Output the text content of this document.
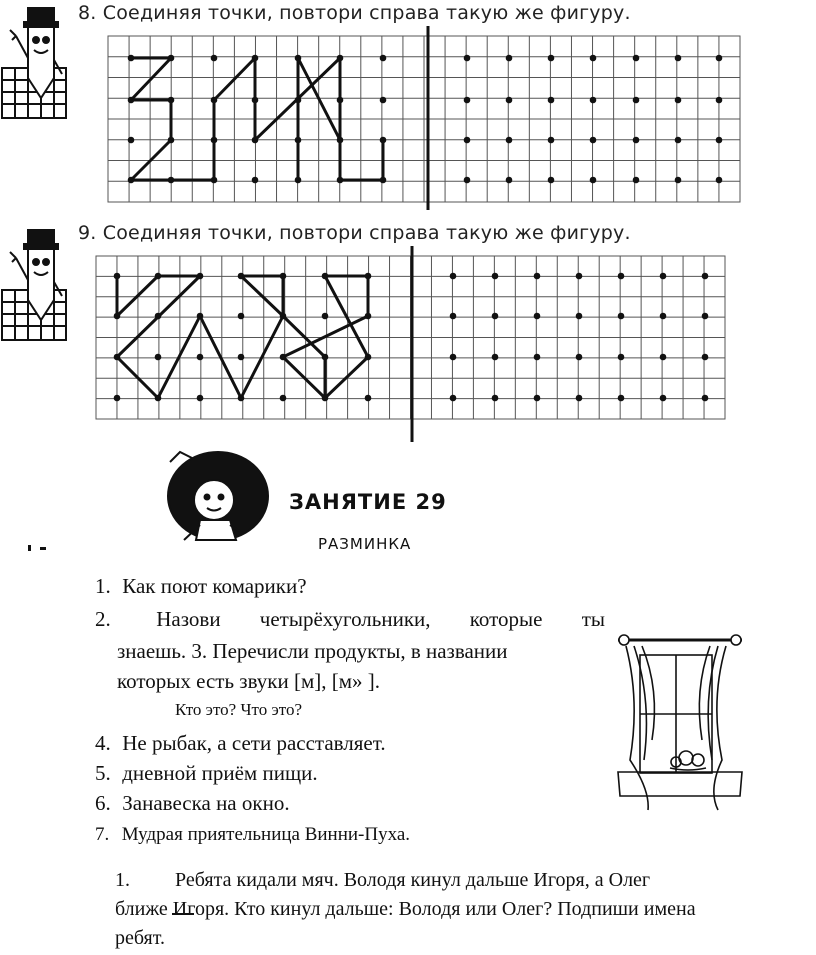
8. Соединяя точки, повтори справа такую же фигуру.
9. Соединяя точки, повтори справа такую же фигуру.
ЗАНЯТИЕ 29
РАЗМИНКА
1. Как поют комарики?
2. Назови четырёхугольники, которые ты
знаешь. 3. Перечисли продукты, в названии
которых есть звуки [м], [м» ].
Кто это? Что это?
4. Не рыбак, а сети расставляет.
5. дневной приём пищи.
6. Занавеска на окно.
7. Мудрая приятельница Винни-Пуха.
1. Ребята кидали мяч. Володя кинул дальше Игоря, а Олег ближе Игоря. Кто кинул дальше: Володя или Олег? Подпиши имена ребят.
